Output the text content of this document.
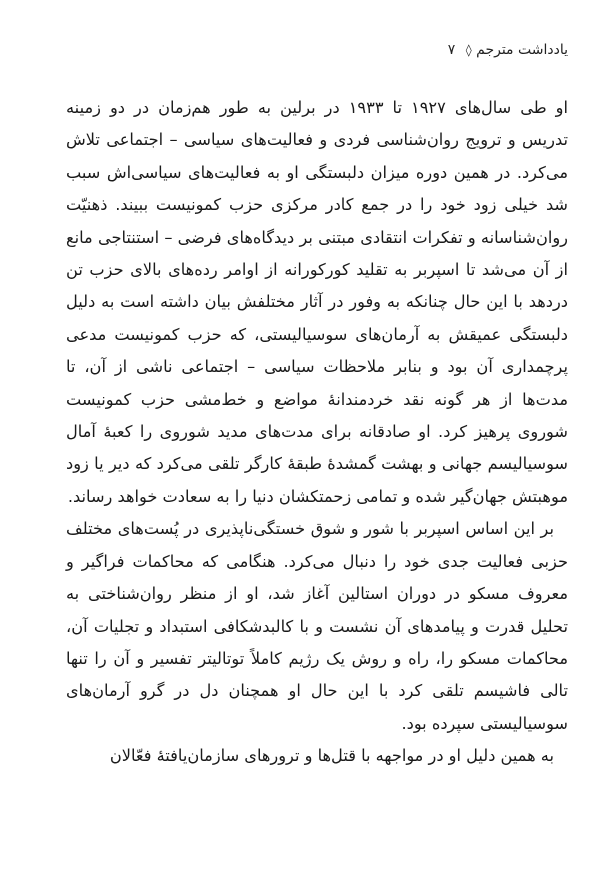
یادداشت مترجم ◊ ۷

او طی سال‌های ۱۹۲۷ تا ۱۹۳۳ در برلین به طور هم‌زمان در دو زمینه تدریس و ترویج روان‌شناسی فردی و فعالیت‌های سیاسی – اجتماعی تلاش می‌کرد. در همین دوره میزان دلبستگی او به فعالیت‌های سیاسی‌اش سبب شد خیلی زود خود را در جمع کادر مرکزی حزب کمونیست ببیند. ذهنیّت روان‌شناسانه و تفکرات انتقادی مبتنی بر دیدگاه‌های فرضی – استنتاجی مانع از آن می‌شد تا اسپربر به تقلید کورکورانه از اوامر رده‌های بالای حزب تن دردهد با این حال چنانکه به وفور در آثار مختلفش بیان داشته است به دلیل دلبستگی عمیقش به آرمان‌های سوسیالیستی، که حزب کمونیست مدعی پرچمداری آن بود و بنابر ملاحظات سیاسی – اجتماعی ناشی از آن، تا مدت‌ها از هر گونه نقد خردمندانهٔ مواضع و خط‌مشی حزب کمونیست شوروی پرهیز کرد. او صادقانه برای مدت‌های مدید شوروی را کعبهٔ آمال سوسیالیسم جهانی و بهشت گمشدهٔ طبقهٔ کارگر تلقی می‌کرد که دیر یا زود موهبتش جهان‌گیر شده و تمامی زحمتکشان دنیا را به سعادت خواهد رساند.

بر این اساس اسپربر با شور و شوق خستگی‌ناپذیری در پُست‌های مختلف حزبی فعالیت جدی خود را دنبال می‌کرد. هنگامی که محاکمات فراگیر و معروف مسکو در دوران استالین آغاز شد، او از منظر روان‌شناختی به تحلیل قدرت و پیامدهای آن نشست و با کالبدشکافی استبداد و تجلیات آن، محاکمات مسکو را، راه و روش یک رژیم کاملاً توتالیتر تفسیر و آن را تنها تالی فاشیسم تلقی کرد با این حال او همچنان دل در گرو آرمان‌های سوسیالیستی سپرده بود.

به همین دلیل او در مواجهه با قتل‌ها و ترورهای سازمان‌یافتهٔ فعّالان
